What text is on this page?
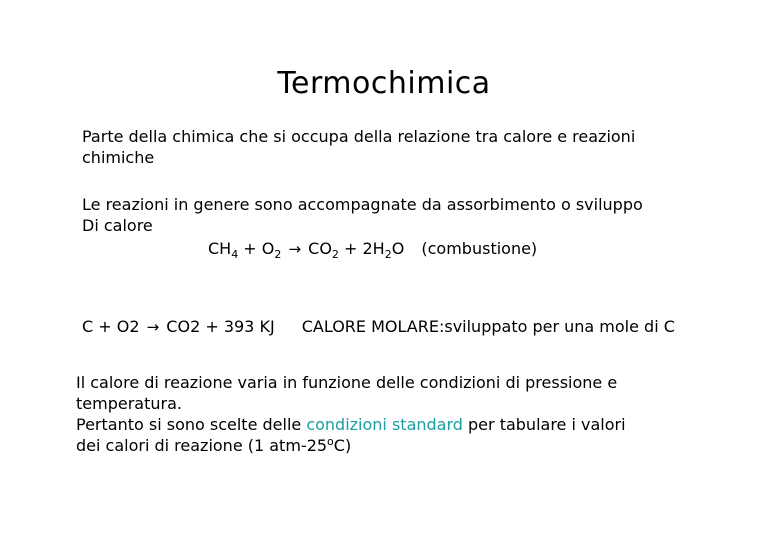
Termochimica
Parte della chimica che si occupa della relazione tra calore e reazioni
chimiche
Le reazioni in genere sono accompagnate da assorbimento o sviluppo
Di calore
$CH_4 + O_2 \to CO_2 + 2H_2O$ (combustione)
C + O2 → CO2 + 393 KJ CALORE MOLARE:sviluppato per una mole di C
Il calore di reazione varia in funzione delle condizioni di pressione e
temperatura.
Pertanto si sono scelte delle condizioni standard per tabulare i valori
dei calori di reazione (1 atm-25$^o$C)
